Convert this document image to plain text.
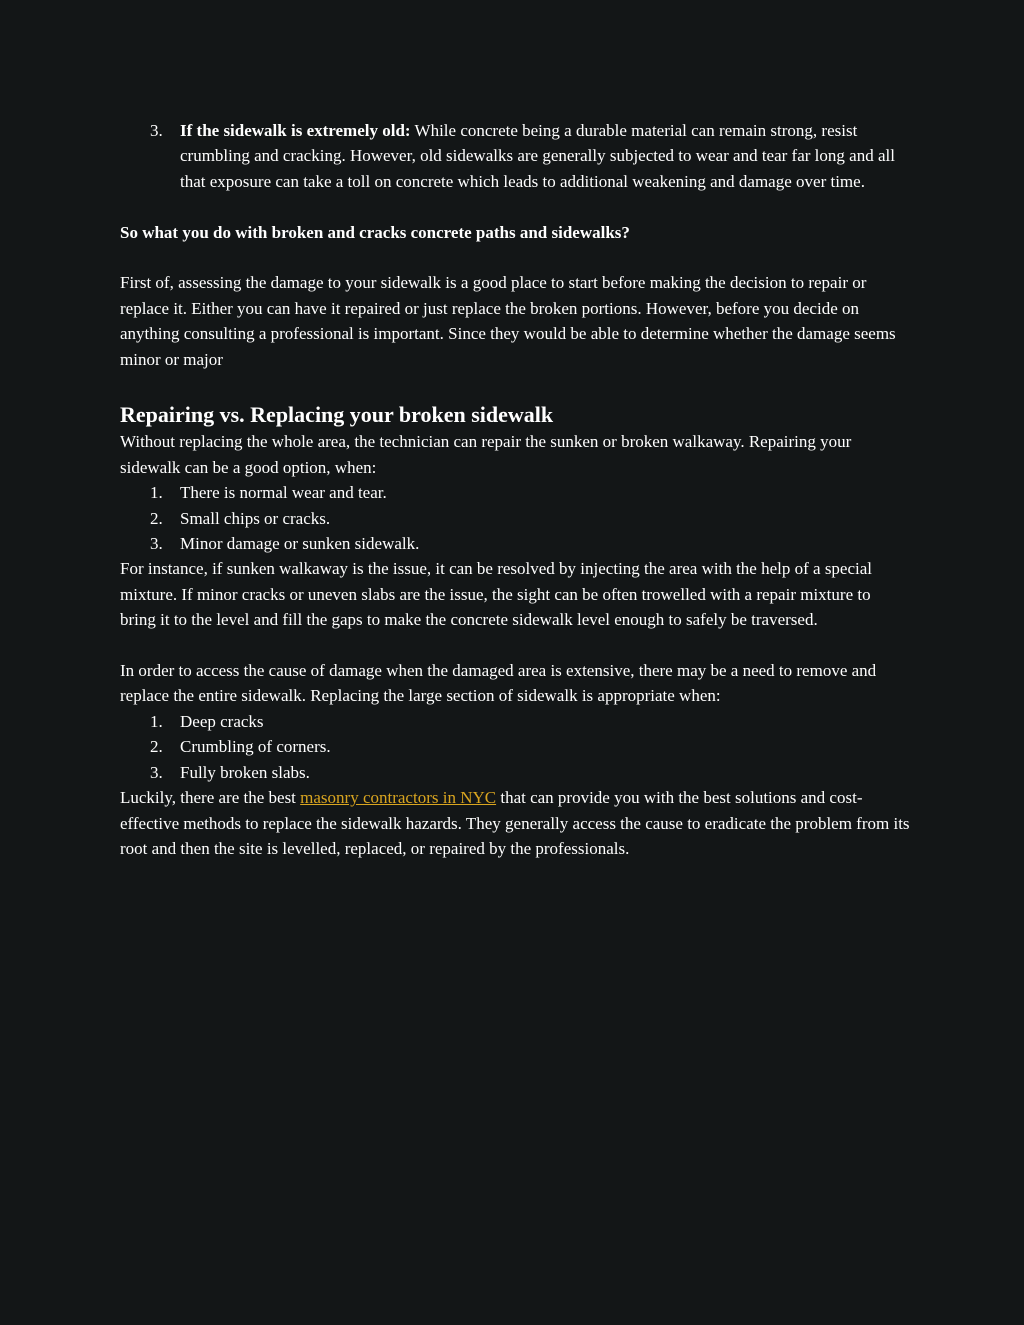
3. If the sidewalk is extremely old: While concrete being a durable material can remain strong, resist crumbling and cracking. However, old sidewalks are generally subjected to wear and tear far long and all that exposure can take a toll on concrete which leads to additional weakening and damage over time.

So what you do with broken and cracks concrete paths and sidewalks?

First of, assessing the damage to your sidewalk is a good place to start before making the decision to repair or replace it. Either you can have it repaired or just replace the broken portions. However, before you decide on anything consulting a professional is important. Since they would be able to determine whether the damage seems minor or major

Repairing vs. Replacing your broken sidewalk

Without replacing the whole area, the technician can repair the sunken or broken walkaway. Repairing your sidewalk can be a good option, when:

1. There is normal wear and tear.
2. Small chips or cracks.
3. Minor damage or sunken sidewalk.

For instance, if sunken walkaway is the issue, it can be resolved by injecting the area with the help of a special mixture. If minor cracks or uneven slabs are the issue, the sight can be often trowelled with a repair mixture to bring it to the level and fill the gaps to make the concrete sidewalk level enough to safely be traversed.

In order to access the cause of damage when the damaged area is extensive, there may be a need to remove and replace the entire sidewalk. Replacing the large section of sidewalk is appropriate when:

1. Deep cracks
2. Crumbling of corners.
3. Fully broken slabs.

Luckily, there are the best masonry contractors in NYC that can provide you with the best solutions and cost-effective methods to replace the sidewalk hazards. They generally access the cause to eradicate the problem from its root and then the site is levelled, replaced, or repaired by the professionals.
